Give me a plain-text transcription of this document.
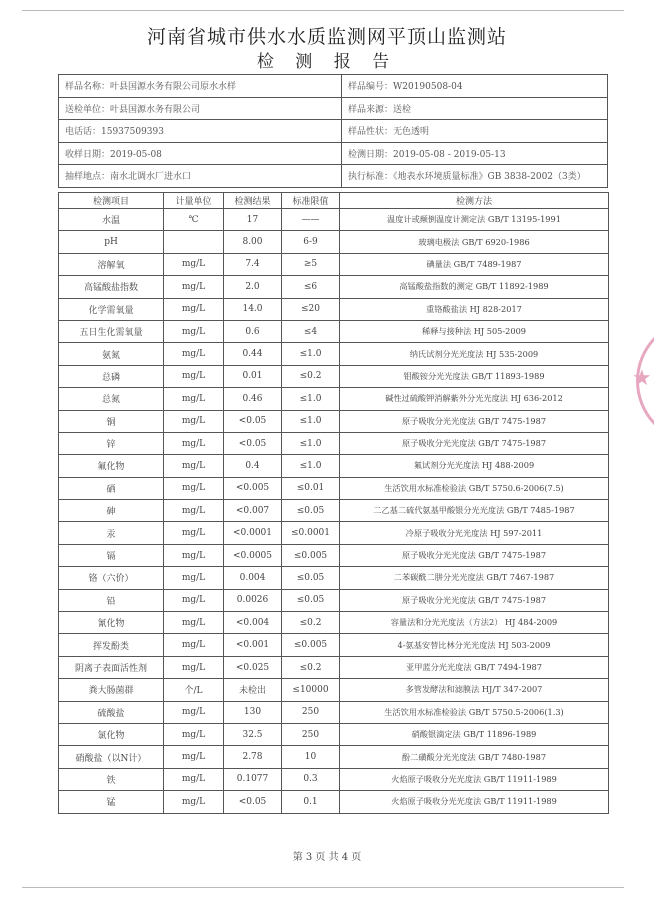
河南省城市供水水质监测网平顶山监测站
检 测 报 告
样品名称：叶县国源水务有限公司原水水样	样品编号：W20190508-04
送检单位：叶县国源水务有限公司	样品来源：送检
电话话：15937509393	样品性状：无色透明
收样日期：2019-05-08	检测日期：2019-05-08 - 2019-05-13
抽样地点：南水北调水厂进水口	执行标准：《地表水环境质量标准》GB 3838-2002（3类）
检测项目	计量单位	检测结果	标准限值	检测方法
水温	℃	17	——	温度计或颠倒温度计测定法 GB/T 13195-1991
pH		8.00	6-9	玻璃电极法 GB/T 6920-1986
溶解氧	mg/L	7.4	≥5	碘量法 GB/T 7489-1987
高锰酸盐指数	mg/L	2.0	≤6	高锰酸盐指数的测定 GB/T 11892-1989
化学需氧量	mg/L	14.0	≤20	重铬酸盐法 HJ 828-2017
五日生化需氧量	mg/L	0.6	≤4	稀释与接种法 HJ 505-2009
氨氮	mg/L	0.44	≤1.0	纳氏试剂分光光度法 HJ 535-2009
总磷	mg/L	0.01	≤0.2	钼酸铵分光光度法 GB/T 11893-1989
总氮	mg/L	0.46	≤1.0	碱性过硫酸钾消解紫外分光光度法 HJ 636-2012
铜	mg/L	<0.05	≤1.0	原子吸收分光光度法 GB/T 7475-1987
锌	mg/L	<0.05	≤1.0	原子吸收分光光度法 GB/T 7475-1987
氟化物	mg/L	0.4	≤1.0	氟试剂分光光度法 HJ 488-2009
硒	mg/L	<0.005	≤0.01	生活饮用水标准检验法 GB/T 5750.6-2006(7.5)
砷	mg/L	<0.007	≤0.05	二乙基二硫代氨基甲酸银分光光度法 GB/T 7485-1987
汞	mg/L	<0.0001	≤0.0001	冷原子吸收分光光度法 HJ 597-2011
镉	mg/L	<0.0005	≤0.005	原子吸收分光光度法 GB/T 7475-1987
铬（六价）	mg/L	0.004	≤0.05	二苯碳酰二肼分光光度法 GB/T 7467-1987
铅	mg/L	0.0026	≤0.05	原子吸收分光光度法 GB/T 7475-1987
氰化物	mg/L	<0.004	≤0.2	容量法和分光光度法（方法2） HJ 484-2009
挥发酚类	mg/L	<0.001	≤0.005	4-氨基安替比林分光光度法 HJ 503-2009
阴离子表面活性剂	mg/L	<0.025	≤0.2	亚甲蓝分光光度法 GB/T 7494-1987
粪大肠菌群	个/L	未检出	≤10000	多管发酵法和滤膜法 HJ/T 347-2007
硫酸盐	mg/L	130	250	生活饮用水标准检验法 GB/T 5750.5-2006(1.3)
氯化物	mg/L	32.5	250	硝酸银滴定法 GB/T 11896-1989
硝酸盐（以N计）	mg/L	2.78	10	酚二磺酸分光光度法 GB/T 7480-1987
铁	mg/L	0.1077	0.3	火焰原子吸收分光光度法 GB/T 11911-1989
锰	mg/L	<0.05	0.1	火焰原子吸收分光光度法 GB/T 11911-1989
★
第 3 页 共 4 页
